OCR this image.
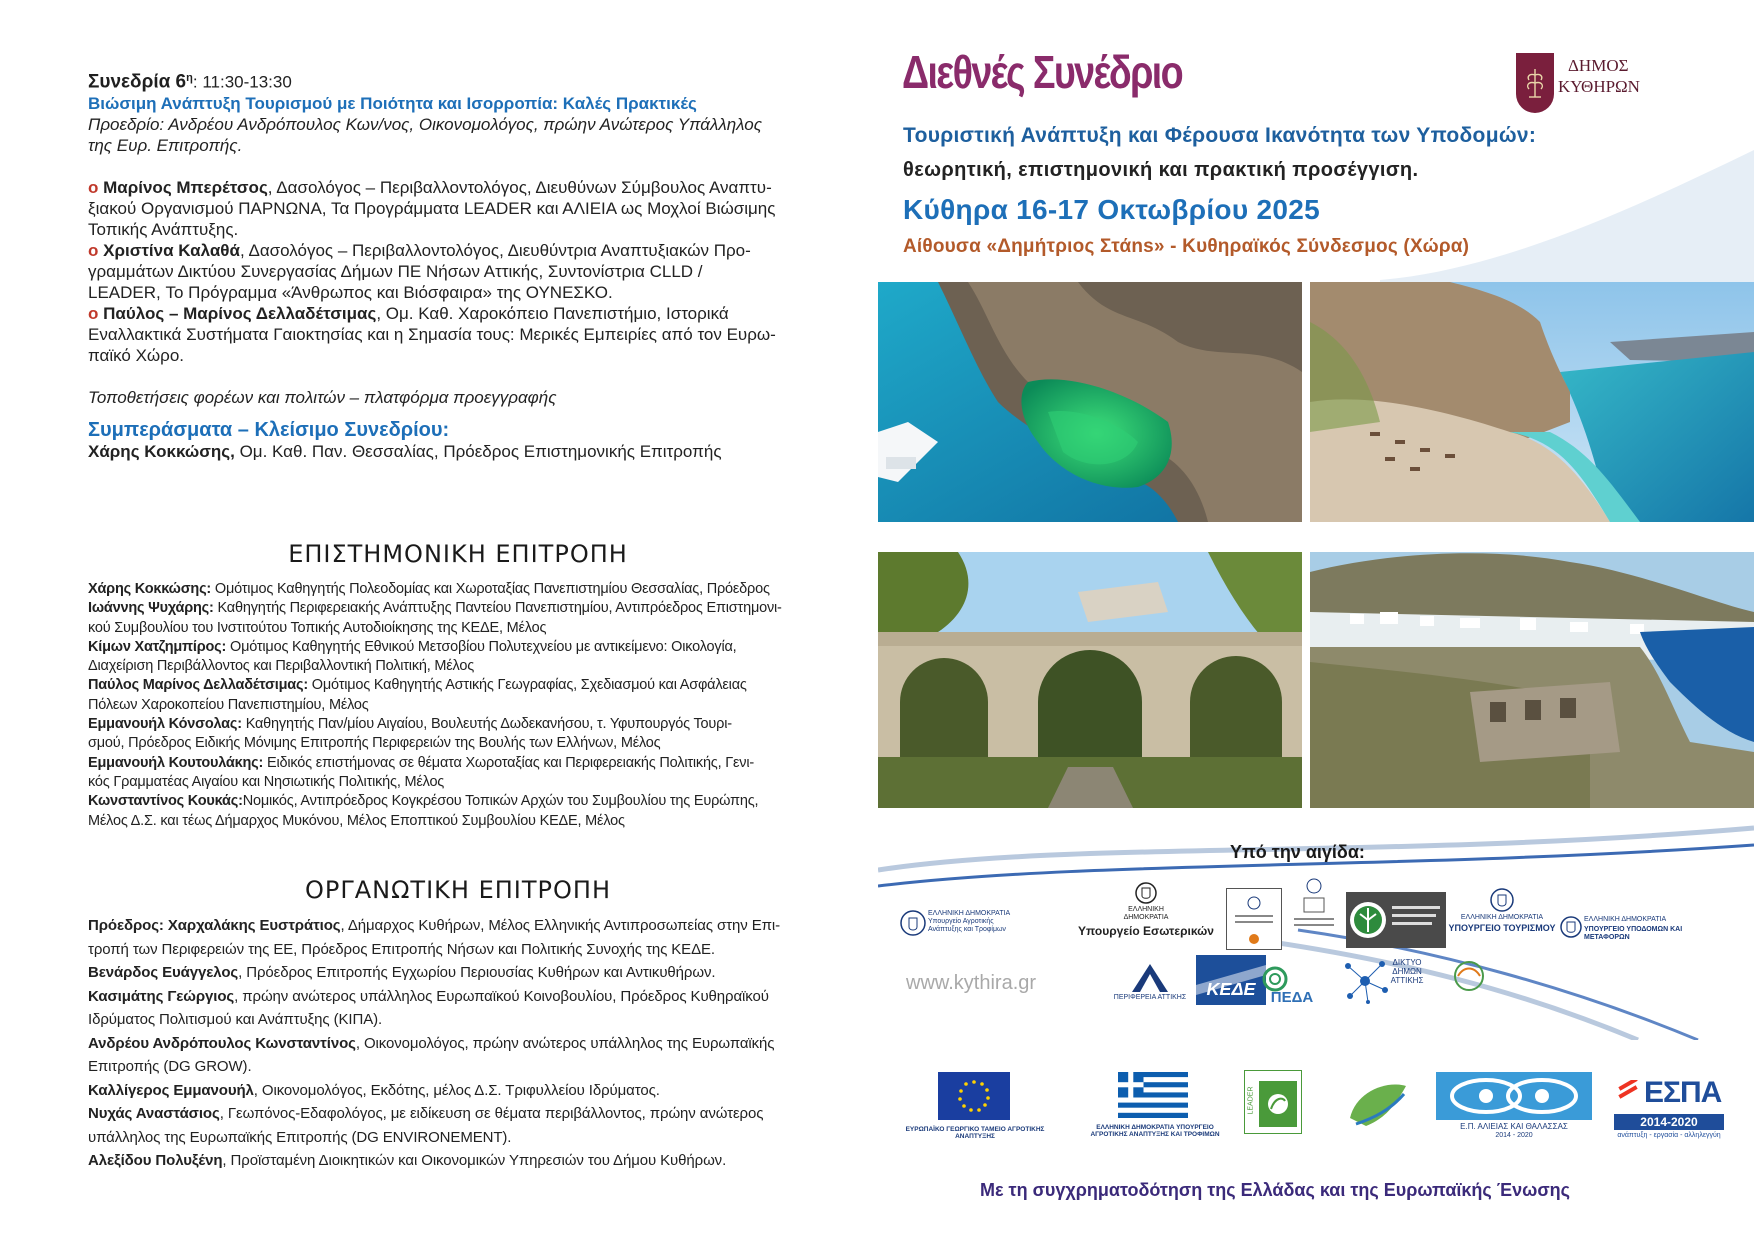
Συνεδρία $6^\eta$: 11:30-13:30
Βιώσιμη Ανάπτυξη Τουρισμού με Ποιότητα και Ισορροπία: Καλές Πρακτικές
Προεδρίο: Ανδρέου Ανδρόπουλος Κων/νος, Οικονομολόγος, πρώην Ανώτερος Υπάλληλος
της Ευρ. Επιτροπής.
o Μαρίνος Μπερέτσος, Δασολόγος – Περιβαλλοντολόγος, Διευθύνων Σύμβουλος Αναπτυ-
ξιακού Οργανισμού ΠΑΡΝΩΝΑ, Τα Προγράμματα LEADER και ΑΛΙΕΙΑ ως Μοχλοί Βιώσιμης
Τοπικής Ανάπτυξης.
o Χριστίνα Καλαθά, Δασολόγος – Περιβαλλοντολόγος, Διευθύντρια Αναπτυξιακών Προ-
γραμμάτων Δικτύου Συνεργασίας Δήμων ΠΕ Νήσων Αττικής, Συντονίστρια CLLD /
LEADER, Το Πρόγραμμα «Άνθρωπος και Βιόσφαιρα» της ΟΥΝΕΣΚΟ.
o Παύλος – Μαρίνος Δελλαδέτσιμας, Ομ. Καθ. Χαροκόπειο Πανεπιστήμιο, Ιστορικά
Εναλλακτικά Συστήματα Γαιοκτησίας και η Σημασία τους: Μερικές Εμπειρίες από τον Ευρω-
παϊκό Χώρο.
Τοποθετήσεις φορέων και πολιτών – πλατφόρμα προεγγραφής
Συμπεράσματα – Κλείσιμο Συνεδρίου:
Χάρης Κοκκώσης, Ομ. Καθ. Παν. Θεσσαλίας, Πρόεδρος Επιστημονικής Επιτροπής
ΕΠΙΣΤΗΜΟΝΙΚΗ ΕΠΙΤΡΟΠΗ

Χάρης Κοκκώσης: Ομότιμος Καθηγητής Πολεοδομίας και Χωροταξίας Πανεπιστημίου Θεσσαλίας, Πρόεδρος

Ιωάννης Ψυχάρης: Καθηγητής Περιφερειακής Ανάπτυξης Παντείου Πανεπιστημίου, Αντιπρόεδρος Επιστημονι-
κού Συμβουλίου του Ινστιτούτου Τοπικής Αυτοδιοίκησης της ΚΕΔΕ, Μέλος

Κίμων Χατζημπίρος: Ομότιμος Καθηγητής Εθνικού Μετσοβίου Πολυτεχνείου με αντικείμενο: Οικολογία,
Διαχείριση Περιβάλλοντος και Περιβαλλοντική Πολιτική, Μέλος

Παύλος Μαρίνος Δελλαδέτσιμας: Ομότιμος Καθηγητής Αστικής Γεωγραφίας, Σχεδιασμού και Ασφάλειας
Πόλεων Χαροκοπείου Πανεπιστημίου, Μέλος

Εμμανουήλ Κόνσολας: Καθηγητής Παν/μίου Αιγαίου, Βουλευτής Δωδεκανήσου, τ. Υφυπουργός Τουρι-
σμού, Πρόεδρος Ειδικής Μόνιμης Επιτροπής Περιφερειών της Βουλής των Ελλήνων, Μέλος

Εμμανουήλ Κουτουλάκης: Ειδικός επιστήμονας σε θέματα Χωροταξίας και Περιφερειακής Πολιτικής, Γενι-
κός Γραμματέας Αιγαίου και Νησιωτικής Πολιτικής, Μέλος

Κωνσταντίνος Κουκάς:Νομικός, Αντιπρόεδρος Κογκρέσου Τοπικών Αρχών του Συμβουλίου της Ευρώπης,
Μέλος Δ.Σ. και τέως Δήμαρχος Μυκόνου, Μέλος Εποπτικού Συμβουλίου ΚΕΔΕ, Μέλος

ΟΡΓΑΝΩΤΙΚΗ ΕΠΙΤΡΟΠΗ

Πρόεδρος: Χαρχαλάκης Ευστράτιος, Δήμαρχος Κυθήρων, Μέλος Ελληνικής Αντιπροσωπείας στην Επι-
τροπή των Περιφερειών της ΕΕ, Πρόεδρος Επιτροπής Νήσων και Πολιτικής Συνοχής της ΚΕΔΕ.

Βενάρδος Ευάγγελος, Πρόεδρος Επιτροπής Εγχωρίου Περιουσίας Κυθήρων και Αντικυθήρων.

Κασιμάτης Γεώργιος, πρώην ανώτερος υπάλληλος Ευρωπαϊκού Κοινοβουλίου, Πρόεδρος Κυθηραϊκού
Ιδρύματος Πολιτισμού και Ανάπτυξης (ΚΙΠΑ).

Ανδρέου Ανδρόπουλος Κωνσταντίνος, Οικονομολόγος, πρώην ανώτερος υπάλληλος της Ευρωπαϊκής
Επιτροπής (DG GROW).

Καλλίγερος Εμμανουήλ, Οικονομολόγος, Εκδότης, μέλος Δ.Σ. Τριφυλλείου Ιδρύματος.

Νυχάς Αναστάσιος, Γεωπόνος-Εδαφολόγος, με ειδίκευση σε θέματα περιβάλλοντος, πρώην ανώτερος
υπάλληλος της Ευρωπαϊκής Επιτροπής (DG ENVIRONEMENT).

Αλεξίδου Πολυξένη, Προϊσταμένη Διοικητικών και Οικονομικών Υπηρεσιών του Δήμου Κυθήρων.

Διεθνές Συνέδριο	ΔΗΜΟΣ
ΚΥΘΗΡΩΝ
Τουριστική Ανάπτυξη και Φέρουσα Ικανότητα των Υποδομών:
θεωρητική, επιστημονική και πρακτική προσέγγιση.
Κύθηρα 16-17 Οκτωβρίου 2025
Αίθουσα «Δημήτριος Στάns» - Κυθηραϊκός Σύνδεσμος (Χώρα)
Υπό την αιγίδα:
www.kythira.gr
ΕΛΛΗΝΙΚΗ ΔΗΜΟΚΡΑΤΙΑ Υπουργείο Αγροτικής Ανάπτυξης και Τροφίμων
ΕΛΛΗΝΙΚΗ ΔΗΜΟΚΡΑΤΙΑ
Υπουργείο Εσωτερικών
ΕΛΛΗΝΙΚΗ ΔΗΜΟΚΡΑΤΙΑ
ΥΠΟΥΡΓΕΙΟ ΤΟΥΡΙΣΜΟΥ
ΕΛΛΗΝΙΚΗ ΔΗΜΟΚΡΑΤΙΑ
ΥΠΟΥΡΓΕΙΟ ΥΠΟΔΟΜΩΝ ΚΑΙ ΜΕΤΑΦΟΡΩΝ
ΠΕΡΙΦΕΡΕΙΑ ΑΤΤΙΚΗΣ	ΚΕΔΕ	ΠΕΔΑ
ΔΙΚΤΥΟ ΔΗΜΩΝ ΑΤΤΙΚΗΣ
ΕΥΡΩΠΑΪΚΟ ΓΕΩΡΓΙΚΟ ΤΑΜΕΙΟ ΑΓΡΟΤΙΚΗΣ ΑΝΑΠΤΥΞΗΣ
ΕΛΛΗΝΙΚΗ ΔΗΜΟΚΡΑΤΙΑ ΥΠΟΥΡΓΕΙΟ ΑΓΡΟΤΙΚΗΣ ΑΝΑΠΤΥΞΗΣ ΚΑΙ ΤΡΟΦΙΜΩΝ
LEADER
Ε.Π. ΑΛΙΕΙΑΣ ΚΑΙ ΘΑΛΑΣΣΑΣ
2014 - 2020
ΕΣΠΑ
2014-2020
ανάπτυξη - εργασία - αλληλεγγύη
Με τη συγχρηματοδότηση της Ελλάδας και της Ευρωπαϊκής Ένωσης
